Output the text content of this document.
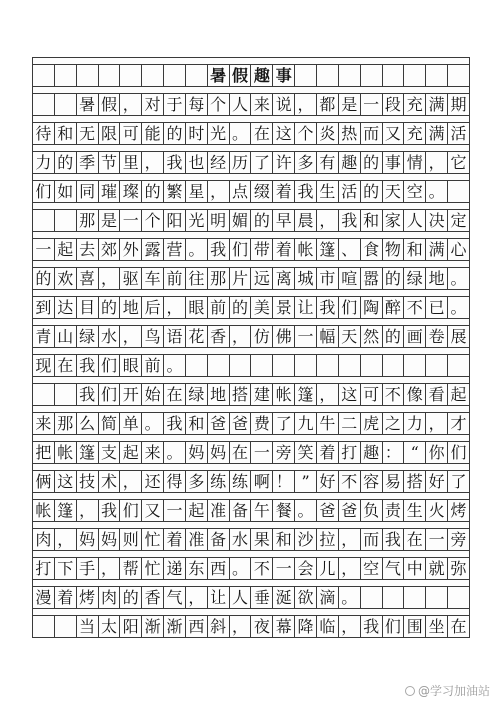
暑 假 趣 事
暑 假 ， 对 于 每 个 人 来 说 ， 都 是 一 段 充 满 期
待 和 无 限 可 能 的 时 光 。 在 这 个 炎 热 而 又 充 满 活
力 的 季 节 里 ， 我 也 经 历 了 许 多 有 趣 的 事 情 ， 它
们 如 同 璀 璨 的 繁 星 ， 点 缀 着 我 生 活 的 天 空 。
那 是 一 个 阳 光 明 媚 的 早 晨 ， 我 和 家 人 决 定
一 起 去 郊 外 露 营 。 我 们 带 着 帐 篷 、 食 物 和 满 心
的 欢 喜 ， 驱 车 前 往 那 片 远 离 城 市 喧 嚣 的 绿 地 。
到 达 目 的 地 后 ， 眼 前 的 美 景 让 我 们 陶 醉 不 已 。
青 山 绿 水 ， 鸟 语 花 香 ， 仿 佛 一 幅 天 然 的 画 卷 展
现 在 我 们 眼 前 。
我 们 开 始 在 绿 地 搭 建 帐 篷 ， 这 可 不 像 看 起
来 那 么 简 单 。 我 和 爸 爸 费 了 九 牛 二 虎 之 力 ， 才
把 帐 篷 支 起 来 。 妈 妈 在 一 旁 笑 着 打 趣 ： “ 你 们
俩 这 技 术 ， 还 得 多 练 练 啊 ！ ” 好 不 容 易 搭 好 了
帐 篷 ， 我 们 又 一 起 准 备 午 餐 。 爸 爸 负 责 生 火 烤
肉 ， 妈 妈 则 忙 着 准 备 水 果 和 沙 拉 ， 而 我 在 一 旁
打 下 手 ， 帮 忙 递 东 西 。 不 一 会 儿 ， 空 气 中 就 弥
漫 着 烤 肉 的 香 气 ， 让 人 垂 涎 欲 滴 。
当 太 阳 渐 渐 西 斜 ， 夜 幕 降 临 ， 我 们 围 坐 在
@学习加油站
